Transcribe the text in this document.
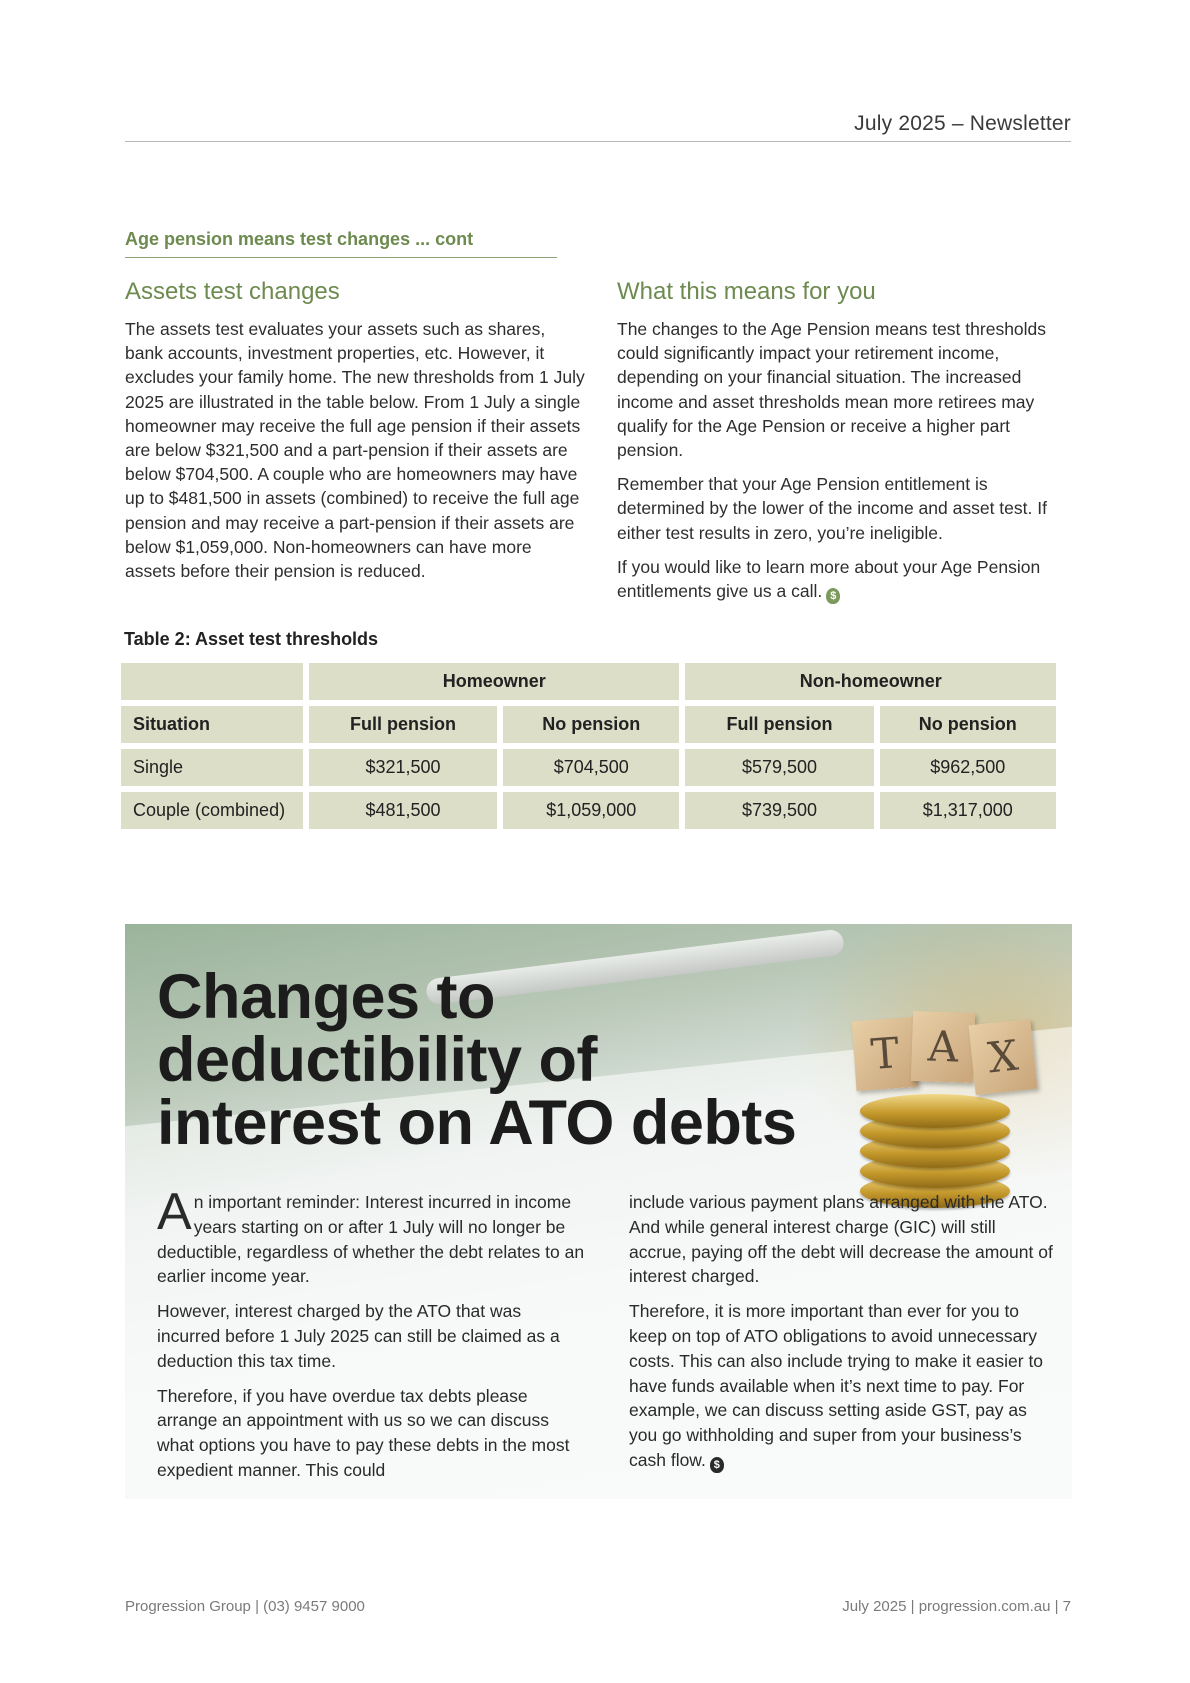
July 2025 – Newsletter
Age pension means test changes ... cont
Assets test changes

The assets test evaluates your assets such as shares, bank accounts, investment properties, etc. However, it excludes your family home. The new thresholds from 1 July 2025 are illustrated in the table below. From 1 July a single homeowner may receive the full age pension if their assets are below $321,500 and a part-pension if their assets are below $704,500. A couple who are homeowners may have up to $481,500 in assets (combined) to receive the full age pension and may receive a part-pension if their assets are below $1,059,000. Non-homeowners can have more assets before their pension is reduced.

What this means for you

The changes to the Age Pension means test thresholds could significantly impact your retirement income, depending on your financial situation. The increased income and asset thresholds mean more retirees may qualify for the Age Pension or receive a higher part pension.

Remember that your Age Pension entitlement is determined by the lower of the income and asset test. If either test results in zero, you’re ineligible.

If you would like to learn more about your Age Pension entitlements give us a call. $

Table 2: Asset test thresholds
	Homeowner		Non-homeowner	
Situation	Full pension	No pension	Full pension	No pension
Single	$321,500	$704,500	$579,500	$962,500
Couple (combined)	$481,500	$1,059,000	$739,500	$1,317,000
T A X
Changes to
deductibility of
interest on ATO debts

An important reminder: Interest incurred in income years starting on or after 1 July will no longer be deductible, regardless of whether the debt relates to an earlier income year.

However, interest charged by the ATO that was incurred before 1 July 2025 can still be claimed as a deduction this tax time.

Therefore, if you have overdue tax debts please arrange an appointment with us so we can discuss what options you have to pay these debts in the most expedient manner. This could

include various payment plans arranged with the ATO. And while general interest charge (GIC) will still accrue, paying off the debt will decrease the amount of interest charged.

Therefore, it is more important than ever for you to keep on top of ATO obligations to avoid unnecessary costs. This can also include trying to make it easier to have funds available when it’s next time to pay. For example, we can discuss setting aside GST, pay as you go withholding and super from your business’s cash flow. $

Progression Group | (03) 9457 9000	July 2025 | progression.com.au | 7
